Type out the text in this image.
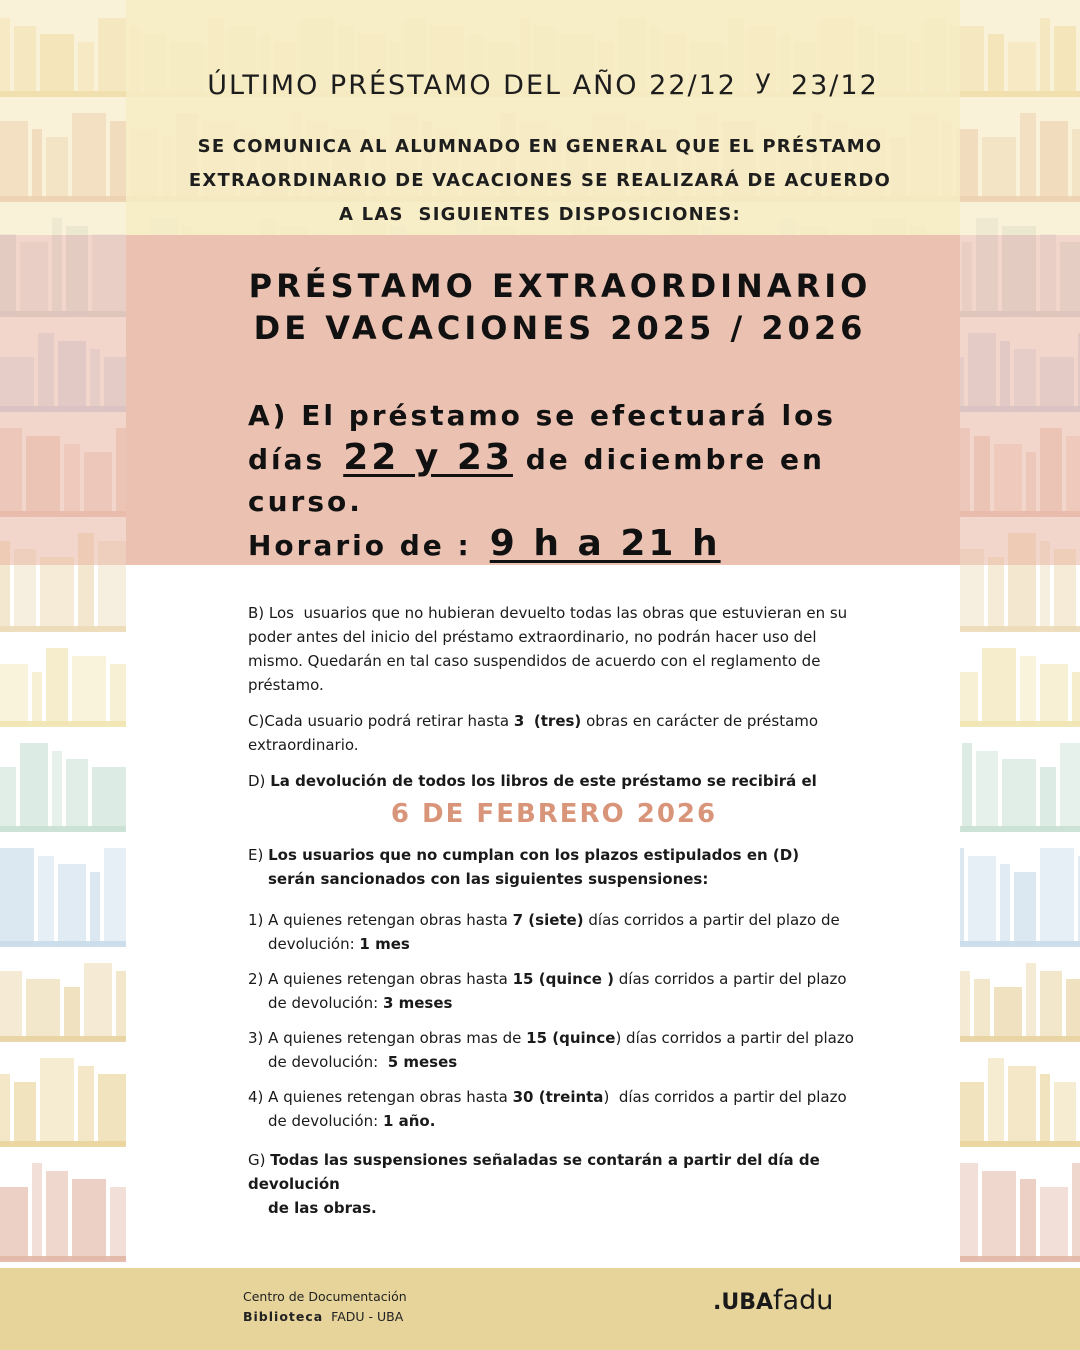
ÚLTIMO PRÉSTAMO DEL AÑO 22/12 y 23/12
SE COMUNICA AL ALUMNADO EN GENERAL QUE EL PRÉSTAMO
EXTRAORDINARIO DE VACACIONES SE REALIZARÁ DE ACUERDO
A LAS  SIGUIENTES DISPOSICIONES:
PRÉSTAMO EXTRAORDINARIO
DE VACACIONES 2025 / 2026
A) El préstamo se efectuará los
días 22 y 23 de diciembre en
curso.
Horario de : 9 h a 21 h

B) Los  usuarios que no hubieran devuelto todas las obras que estuvieran en su poder antes del inicio del préstamo extraordinario, no podrán hacer uso del mismo. Quedarán en tal caso suspendidos de acuerdo con el reglamento de préstamo.

C)Cada usuario podrá retirar hasta 3 (tres) obras en carácter de préstamo extraordinario.

D) La devolución de todos los libros de este préstamo se recibirá el

6 DE FEBRERO 2026

E) Los usuarios que no cumplan con los plazos estipulados en (D)

serán sancionados con las siguientes suspensiones:

1) A quienes retengan obras hasta 7 (siete) días corridos a partir del plazo de

devolución: 1 mes

2) A quienes retengan obras hasta 15 (quince ) días corridos a partir del plazo

de devolución: 3 meses

3) A quienes retengan obras mas de 15 (quince) días corridos a partir del plazo

de devolución: 5 meses

4) A quienes retengan obras hasta 30 (treinta)  días corridos a partir del plazo

de devolución: 1 año.

G) Todas las suspensiones señaladas se contarán a partir del día de devolución

de las obras.

Centro de Documentación
Biblioteca FADU - UBA
.UBAfadu
